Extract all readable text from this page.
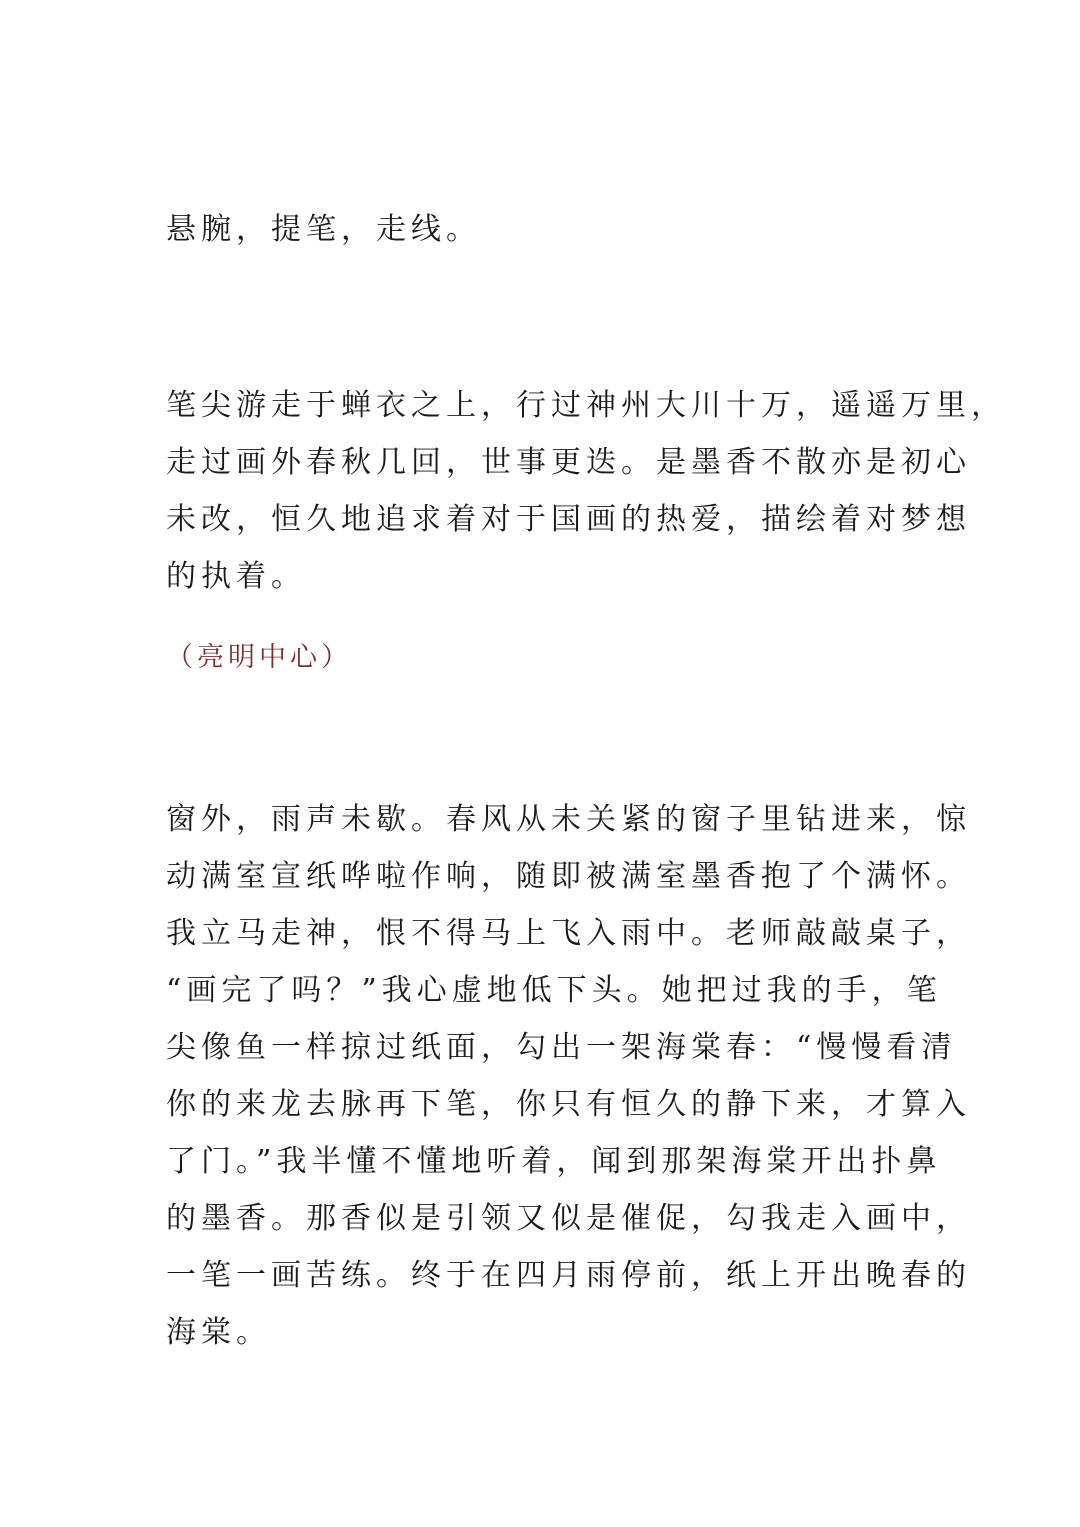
悬腕，提笔，走线。
笔尖游走于蝉衣之上，行过神州大川十万，遥遥万里，
走过画外春秋几回，世事更迭。是墨香不散亦是初心
未改，恒久地追求着对于国画的热爱，描绘着对梦想
的执着。
（亮明中心）
窗外，雨声未歇。春风从未关紧的窗子里钻进来，惊
动满室宣纸哗啦作响，随即被满室墨香抱了个满怀。
我立马走神，恨不得马上飞入雨中。老师敲敲桌子，
“画完了吗？”我心虚地低下头。她把过我的手，笔
尖像鱼一样掠过纸面，勾出一架海棠春：“慢慢看清
你的来龙去脉再下笔，你只有恒久的静下来，才算入
了门。”我半懂不懂地听着，闻到那架海棠开出扑鼻
的墨香。那香似是引领又似是催促，勾我走入画中，
一笔一画苦练。终于在四月雨停前，纸上开出晚春的
海棠。
